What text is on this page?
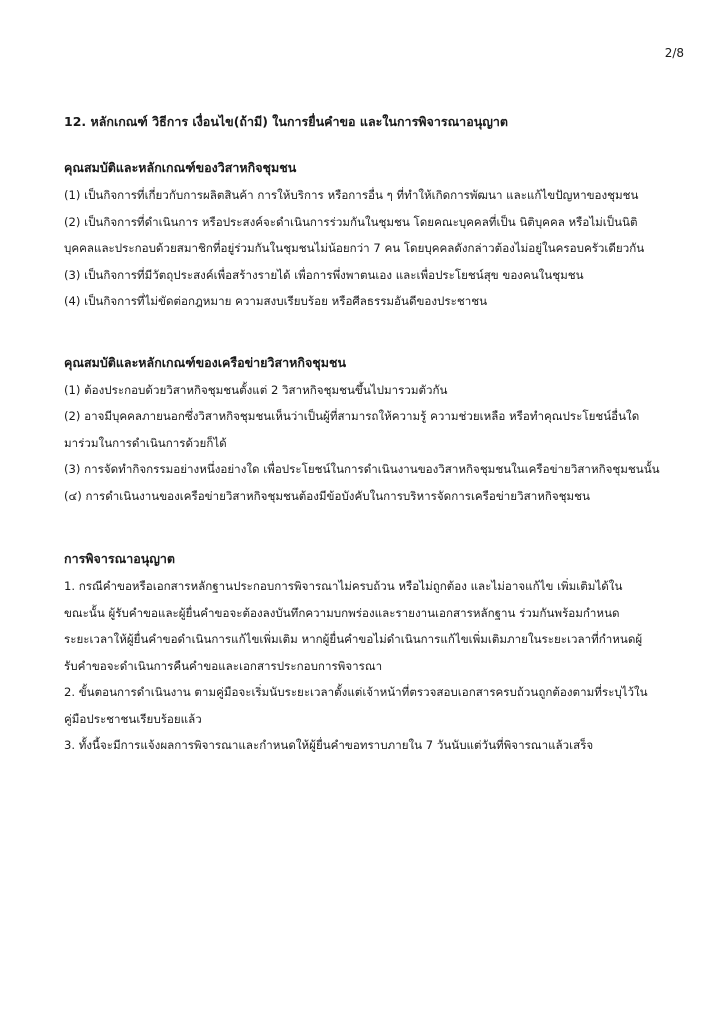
2/8
12. หลักเกณฑ์ วิธีการ เงื่อนไข(ถ้ามี) ในการยื่นคำขอ และในการพิจารณาอนุญาต
คุณสมบัติและหลักเกณฑ์ของวิสาหกิจชุมชน
(1) เป็นกิจการที่เกี่ยวกับการผลิตสินค้า การให้บริการ หรือการอื่น ๆ ที่ทำให้เกิดการพัฒนา และแก้ไขปัญหาของชุมชน
(2) เป็นกิจการที่ดำเนินการ หรือประสงค์จะดำเนินการร่วมกันในชุมชน โดยคณะบุคคลที่เป็น นิติบุคคล หรือไม่เป็นนิติ
บุคคลและประกอบด้วยสมาชิกที่อยู่ร่วมกันในชุมชนไม่น้อยกว่า 7 คน โดยบุคคลดังกล่าวต้องไม่อยู่ในครอบครัวเดียวกัน
(3) เป็นกิจการที่มีวัตถุประสงค์เพื่อสร้างรายได้ เพื่อการพึ่งพาตนเอง และเพื่อประโยชน์สุข ของคนในชุมชน
(4) เป็นกิจการที่ไม่ขัดต่อกฎหมาย ความสงบเรียบร้อย หรือศีลธรรมอันดีของประชาชน
คุณสมบัติและหลักเกณฑ์ของเครือข่ายวิสาหกิจชุมชน
(1) ต้องประกอบด้วยวิสาหกิจชุมชนตั้งแต่ 2 วิสาหกิจชุมชนขึ้นไปมารวมตัวกัน
(2) อาจมีบุคคลภายนอกซึ่งวิสาหกิจชุมชนเห็นว่าเป็นผู้ที่สามารถให้ความรู้ ความช่วยเหลือ หรือทำคุณประโยชน์อื่นใด
มาร่วมในการดำเนินการด้วยก็ได้
(3) การจัดทำกิจกรรมอย่างหนึ่งอย่างใด เพื่อประโยชน์ในการดำเนินงานของวิสาหกิจชุมชนในเครือข่ายวิสาหกิจชุมชนนั้น
(๔) การดำเนินงานของเครือข่ายวิสาหกิจชุมชนต้องมีข้อบังคับในการบริหารจัดการเครือข่ายวิสาหกิจชุมชน
การพิจารณาอนุญาต
1. กรณีคำขอหรือเอกสารหลักฐานประกอบการพิจารณาไม่ครบถ้วน หรือไม่ถูกต้อง และไม่อาจแก้ไข เพิ่มเติมได้ใน
ขณะนั้น ผู้รับคำขอและผู้ยื่นคำขอจะต้องลงบันทึกความบกพร่องและรายงานเอกสารหลักฐาน ร่วมกันพร้อมกำหนด
ระยะเวลาให้ผู้ยื่นคำขอดำเนินการแก้ไขเพิ่มเติม หากผู้ยื่นคำขอไม่ดำเนินการแก้ไขเพิ่มเติมภายในระยะเวลาที่กำหนดผู้
รับคำขอจะดำเนินการคืนคำขอและเอกสารประกอบการพิจารณา
2. ขั้นตอนการดำเนินงาน ตามคู่มือจะเริ่มนับระยะเวลาตั้งแต่เจ้าหน้าที่ตรวจสอบเอกสารครบถ้วนถูกต้องตามที่ระบุไว้ใน
คู่มือประชาชนเรียบร้อยแล้ว
3. ทั้งนี้จะมีการแจ้งผลการพิจารณาและกำหนดให้ผู้ยื่นคำขอทราบภายใน 7 วันนับแต่วันที่พิจารณาแล้วเสร็จ
